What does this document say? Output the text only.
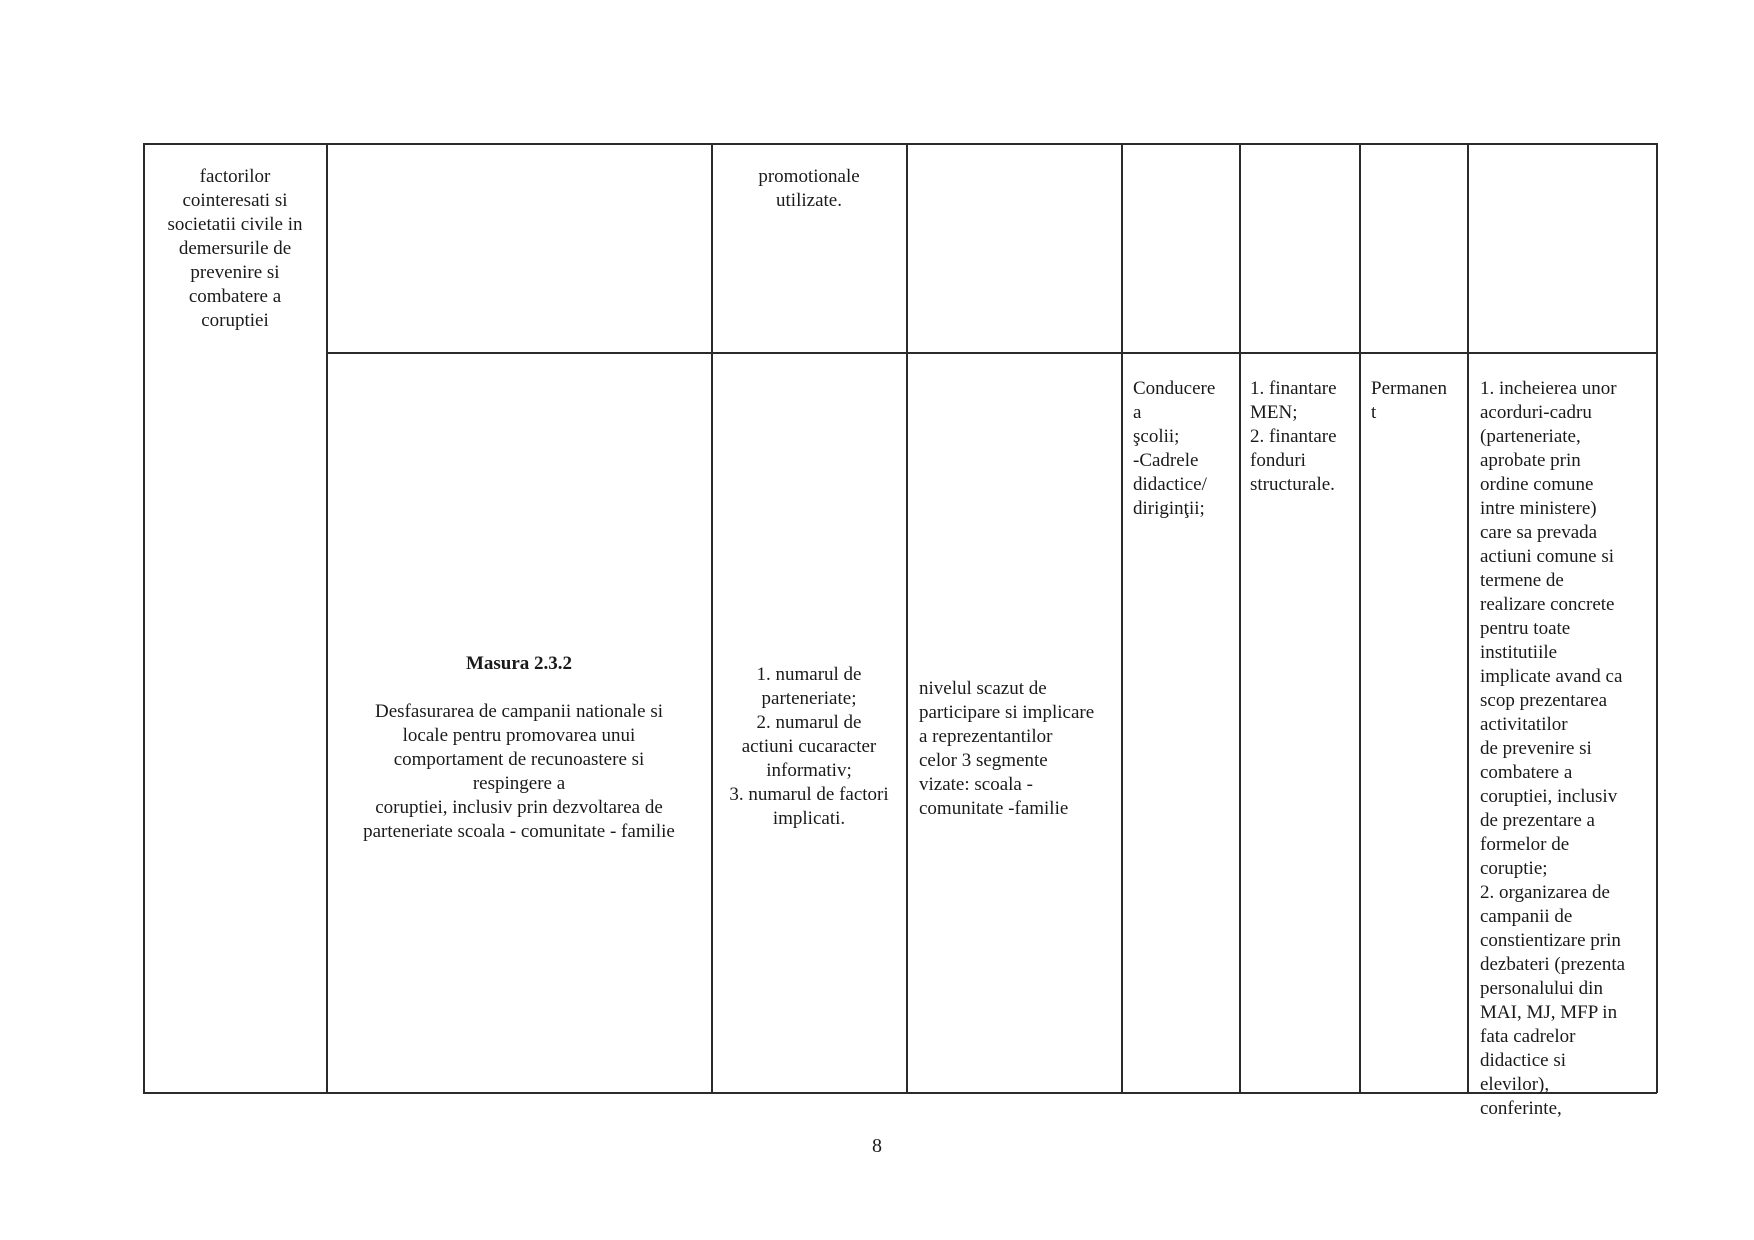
factorilor
cointeresati si
societatii civile in
demersurile de
prevenire si
combatere a
coruptiei

promotionale
utilizate.

Masura 2.3.2

Desfasurarea de campanii nationale si
locale pentru promovarea unui
comportament de recunoastere si
respingere a
coruptiei, inclusiv prin dezvoltarea de
parteneriate scoala - comunitate - familie

1. numarul de
parteneriate;
2. numarul de
actiuni cucaracter
informativ;
3. numarul de factori
implicati.

nivelul scazut de
participare si implicare
a reprezentantilor
celor 3 segmente
vizate: scoala -
comunitate -familie

Conducere
a
şcolii;
-Cadrele
didactice/
diriginţii;

1. finantare
MEN;
2. finantare
fonduri
structurale.

Permanen
t

1. incheierea unor
acorduri-cadru
(parteneriate,
aprobate prin
ordine comune
intre ministere)
care sa prevada
actiuni comune si
termene de
realizare concrete
pentru toate
institutiile
implicate avand ca
scop prezentarea
activitatilor
de prevenire si
combatere a
coruptiei, inclusiv
de prezentare a
formelor de
coruptie;
2. organizarea de
campanii de
constientizare prin
dezbateri (prezenta
personalului din
MAI, MJ, MFP in
fata cadrelor
didactice si
elevilor),
conferinte,

8
